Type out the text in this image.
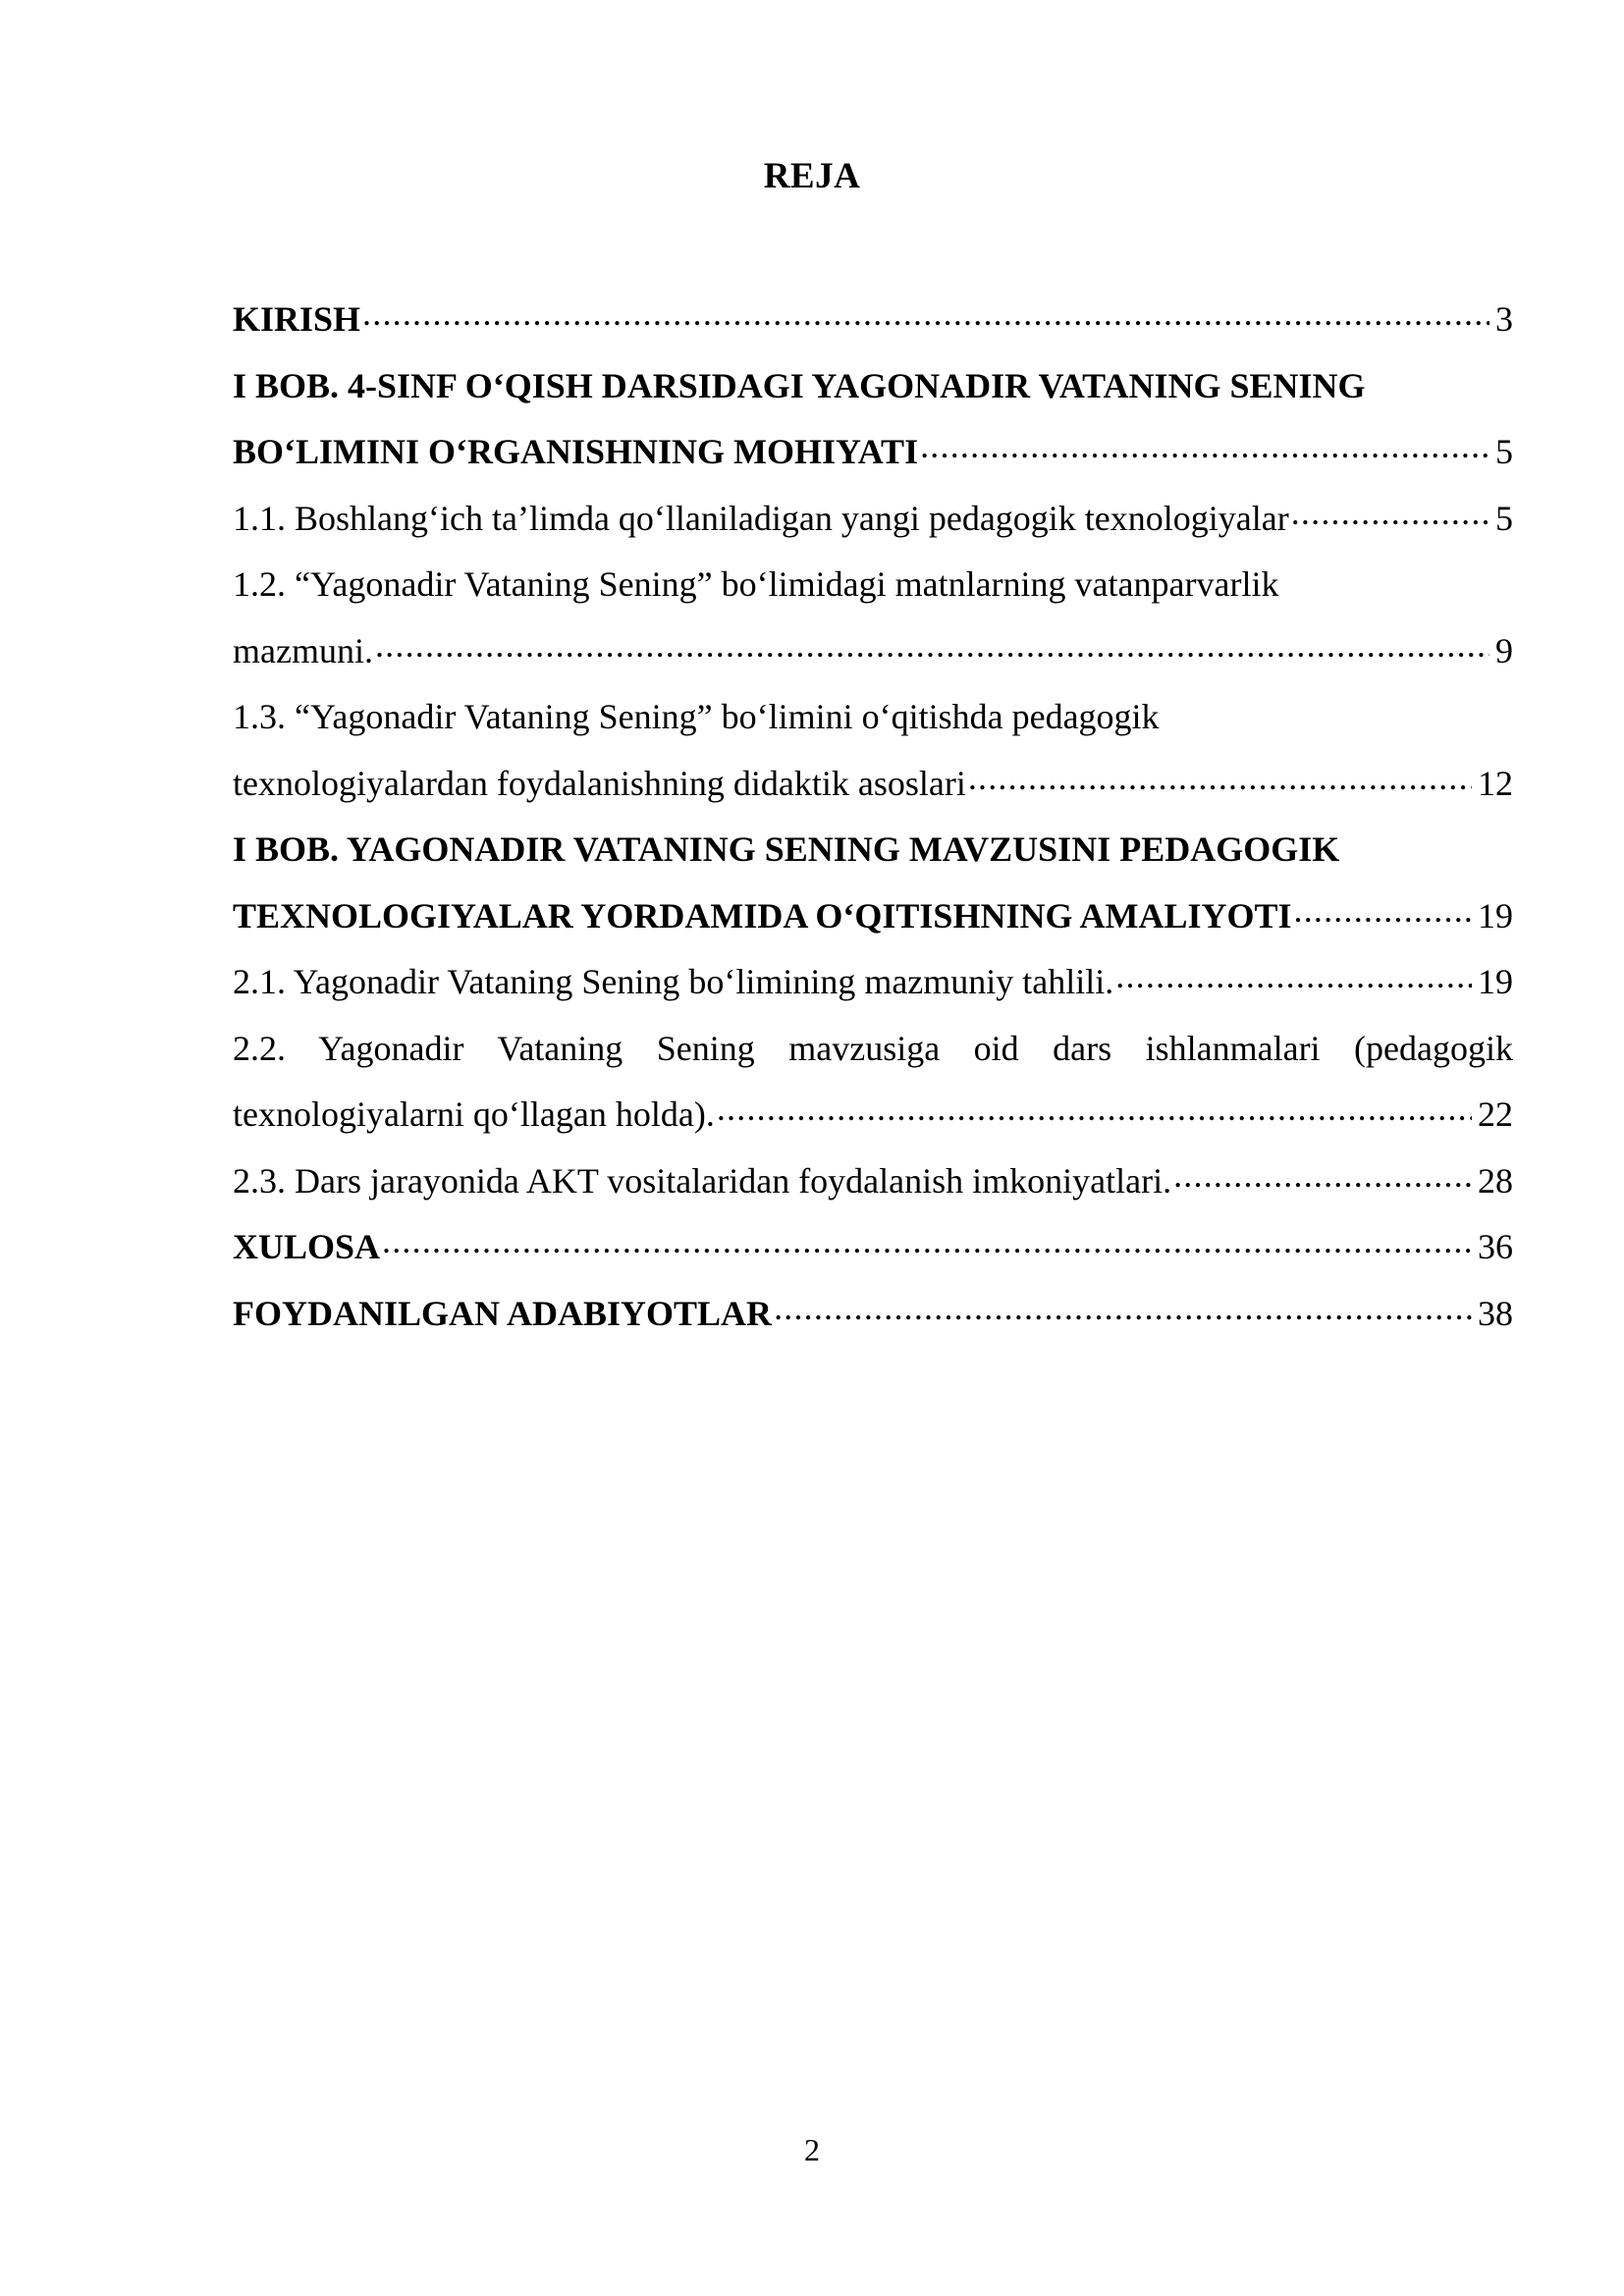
REJA
KIRISH .....	3
I BOB. 4-SINF O‘QISH DARSIDAGI YAGONADIR VATANING SENING
BO‘LIMINI O‘RGANISHNING MOHIYATI .....	5
1.1. Boshlang‘ich ta’limda qo‘llaniladigan yangi pedagogik texnologiyalar .....	5
1.2. “Yagonadir Vataning Sening” bo‘limidagi matnlarning vatanparvarlik
mazmuni. .....	9
1.3. “Yagonadir Vataning Sening” bo‘limini o‘qitishda pedagogik
texnologiyalardan foydalanishning didaktik asoslari .....	12
I BOB. YAGONADIR VATANING SENING MAVZUSINI PEDAGOGIK
TEXNOLOGIYALAR YORDAMIDA O‘QITISHNING AMALIYOTI .....	19
2.1. Yagonadir Vataning Sening bo‘limining mazmuniy tahlili. .....	19
2.2. Yagonadir Vataning Sening mavzusiga oid dars ishlanmalari (pedagogik
texnologiyalarni qo‘llagan holda). .....	22
2.3. Dars jarayonida AKT vositalaridan foydalanish imkoniyatlari. .....	28
XULOSA .....	36
FOYDANILGAN ADABIYOTLAR .....	38
2
